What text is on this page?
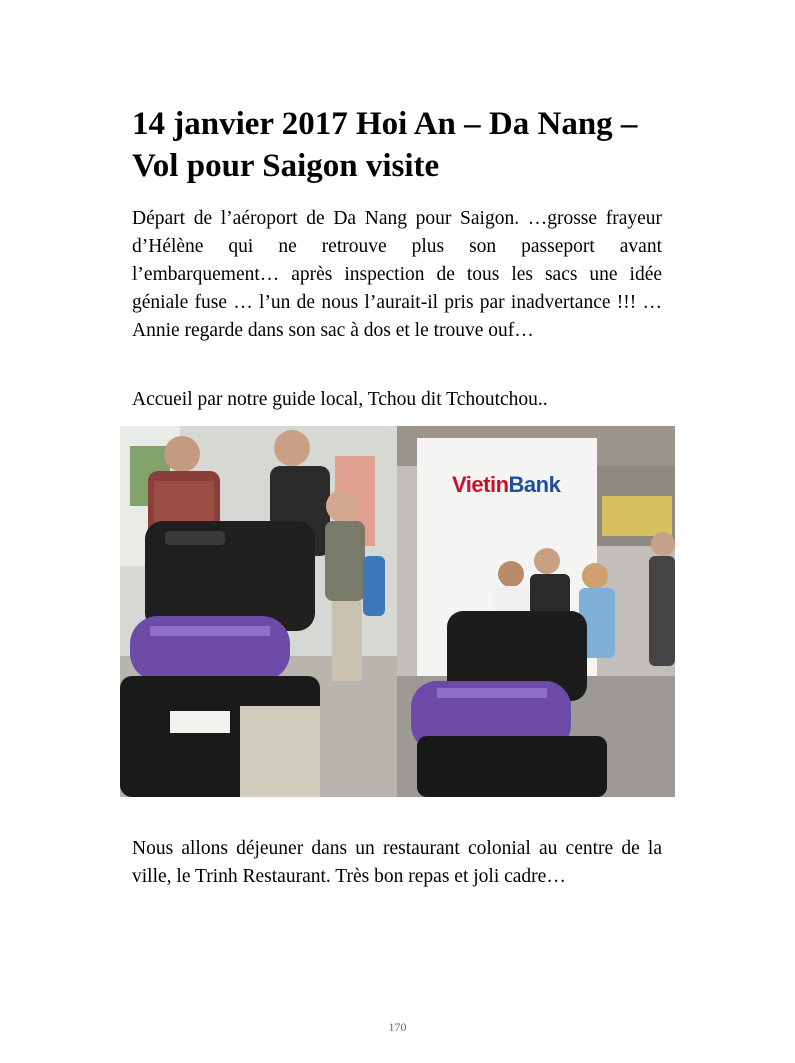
14 janvier 2017 Hoi An – Da Nang – Vol pour Saigon visite

Départ de l’aéroport de Da Nang pour Saigon. …grosse frayeur d’Hélène qui ne retrouve plus son passeport avant l’embarquement… après inspection de tous les sacs une idée géniale fuse … l’un de nous l’aurait-il pris par inadvertance !!! … Annie regarde dans son sac à dos et le trouve ouf…

Accueil par notre guide local, Tchou dit Tchoutchou..

VietinBank

Nous allons déjeuner dans un restaurant colonial au centre de la ville, le Trinh Restaurant. Très bon repas et joli cadre…

170
